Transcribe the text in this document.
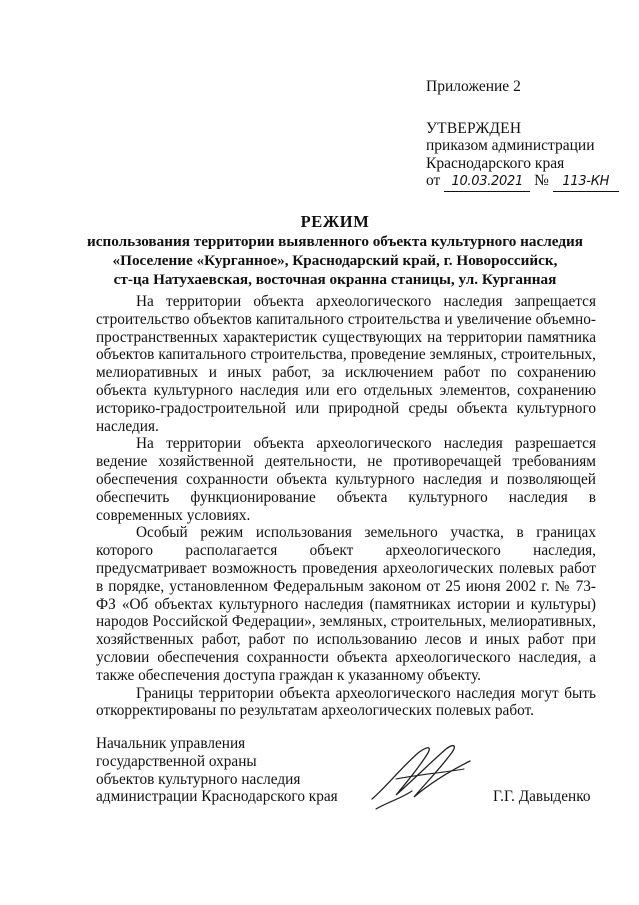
Приложение 2
УТВЕРЖДЕН
приказом администрации
Краснодарского края
от 10.03.2021 № 113-КН
РЕЖИМ
использования территории выявленного объекта культурного наследия
«Поселение «Курганное», Краснодарский край, г. Новороссийск,
ст-ца Натухаевская, восточная окранна станицы, ул. Курганная

На территории объекта археологического наследия запрещается строительство объектов капитального строительства и увеличение объемно-пространственных характеристик существующих на территории памятника объектов капитального строительства, проведение земляных, строительных, мелиоративных и иных работ, за исключением работ по сохранению объекта культурного наследия или его отдельных элементов, сохранению историко-градостроительной или природной среды объекта культурного наследия.

На территории объекта археологического наследия разрешается ведение хозяйственной деятельности, не противоречащей требованиям обеспечения сохранности объекта культурного наследия и позволяющей обеспечить функционирование объекта культурного наследия в современных условиях.

Особый режим использования земельного участка, в границах которого располагается объект археологического наследия, предусматривает возможность проведения археологических полевых работ в порядке, установленном Федеральным законом от 25 июня 2002 г. № 73-ФЗ «Об объектах культурного наследия (памятниках истории и культуры) народов Российской Федерации», земляных, строительных, мелиоративных, хозяйственных работ, работ по использованию лесов и иных работ при условии обеспечения сохранности объекта археологического наследия, а также обеспечения доступа граждан к указанному объекту.

Границы территории объекта археологического наследия могут быть откорректированы по результатам археологических полевых работ.

Начальник управления
государственной охраны
объектов культурного наследия
администрации Краснодарского края	Г.Г. Давыденко
